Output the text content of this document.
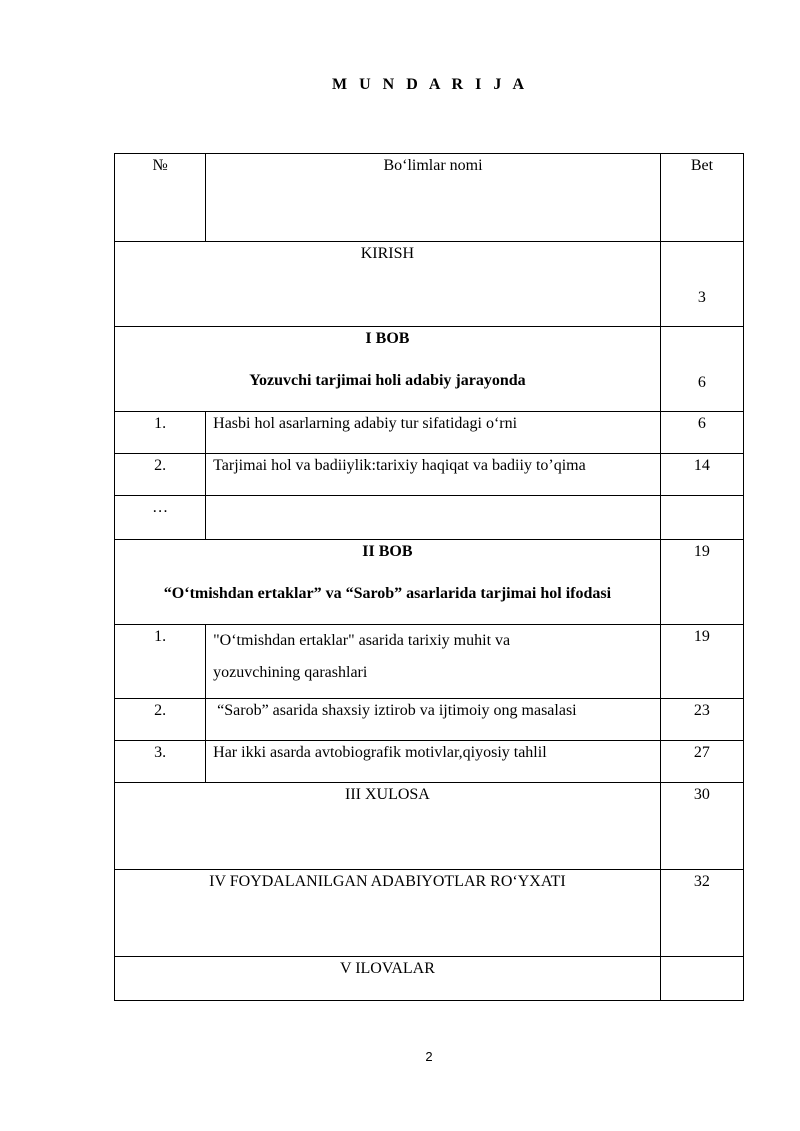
M U N D A R I J A
№	Bo‘limlar nomi	Bet
KIRISH		3

I BOB
Yozuvchi tarjimai holi adabiy jarayonda		6
1.	Hasbi hol asarlarning adabiy tur sifatidagi o‘rni	6
2.	Tarjimai hol va badiiylik:tarixiy haqiqat va badiiy to’qima	14
…		

II BOB
“O‘tmishdan ertaklar” va “Sarob” asarlarida tarjimai hol ifodasi		19
1.	"O‘tmishdan ertaklar" asarida tarixiy muhit va
yozuvchining qarashlari	19
2.	“Sarob” asarida shaxsiy iztirob va ijtimoiy ong masalasi	23
3.	Har ikki asarda avtobiografik motivlar,qiyosiy tahlil	27
III XULOSA		30
IV FOYDALANILGAN ADABIYOTLAR RO‘YXATI		32
V ILOVALAR		
2
